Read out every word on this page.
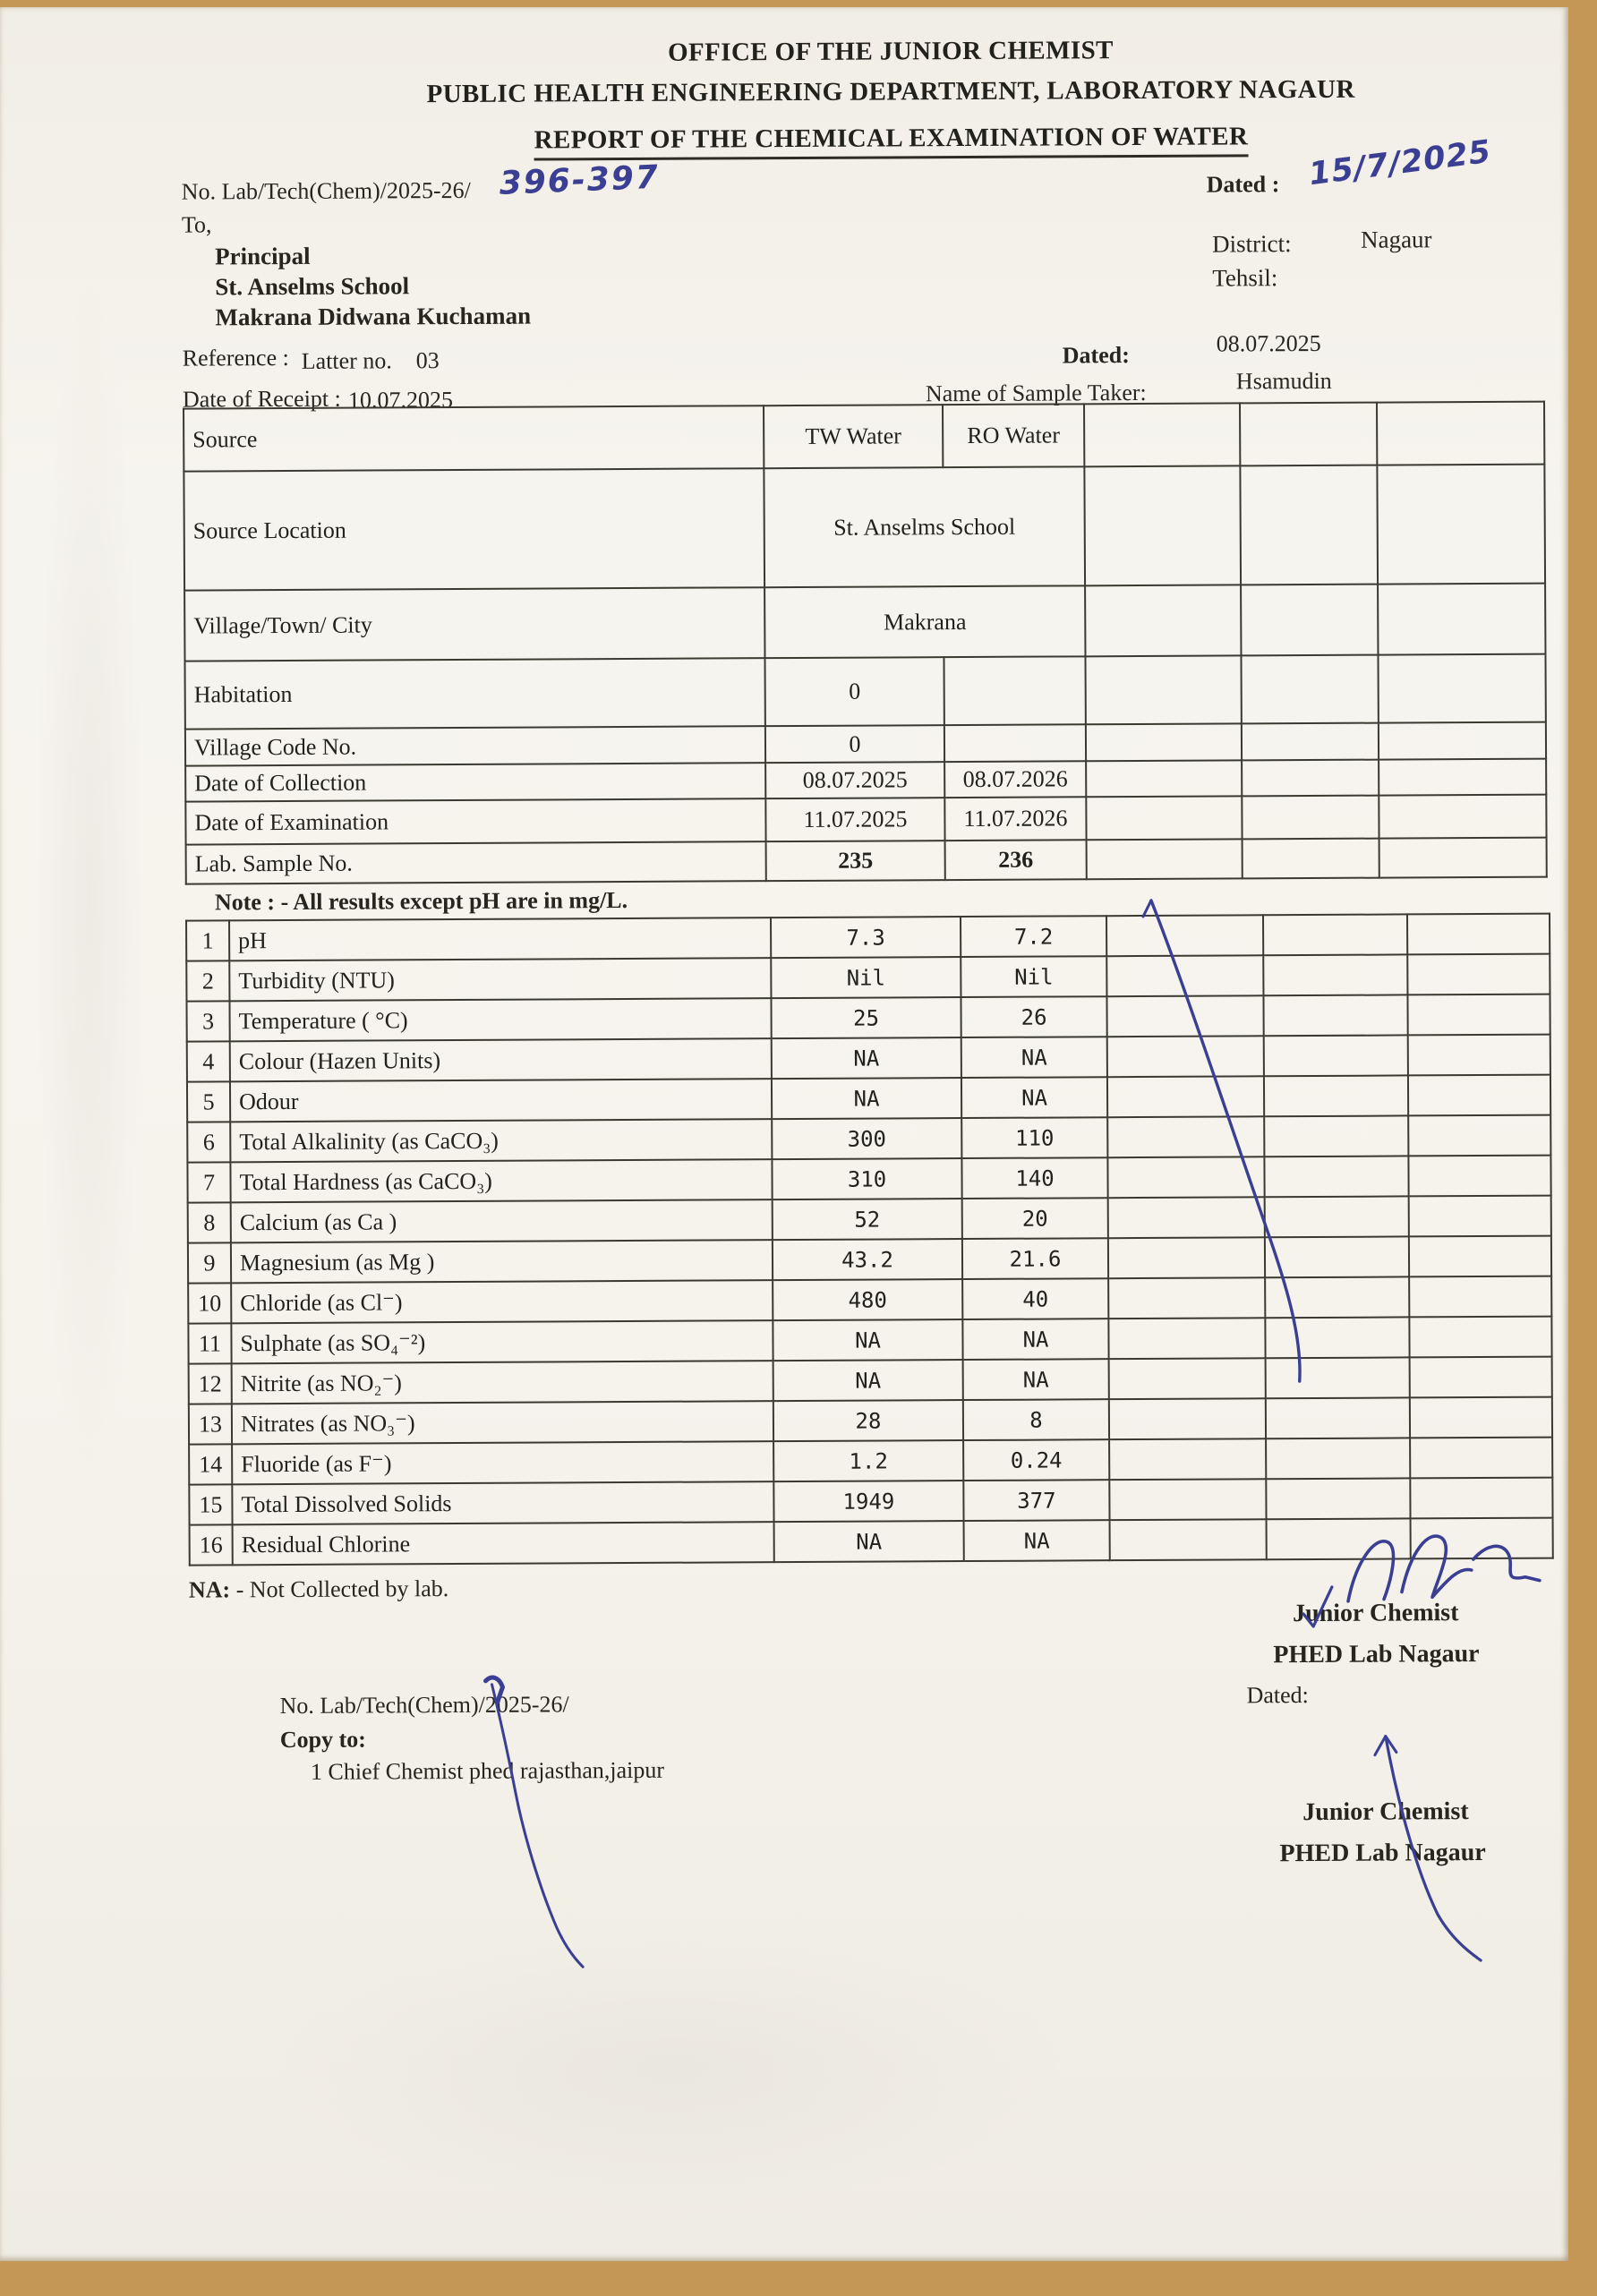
OFFICE OF THE JUNIOR CHEMIST
PUBLIC HEALTH ENGINEERING DEPARTMENT, LABORATORY NAGAUR
REPORT OF THE CHEMICAL EXAMINATION OF WATER
No. Lab/Tech(Chem)/2025-26/ 396-397	Dated : 15/7/2025
To,
Principal
St. Anselms School
Makrana Didwana Kuchaman
District:	Nagaur
Tehsil:
Reference : Latter no. 03	Dated:	08.07.2025
Date of Receipt : 10.07.2025	Name of Sample Taker:	Hsamudin
Source	TW Water	RO Water			
Source Location	St. Anselms School				
Village/Town/ City	Makrana				
Habitation	0				
Village Code No.	0				
Date of Collection	08.07.2025	08.07.2026			
Date of Examination	11.07.2025	11.07.2026			
Lab. Sample No.	235	236			
Note : - All results except pH are in mg/L.
1	pH	7.3	7.2			
2	Turbidity (NTU)	Nil	Nil			
3	Temperature ( °C)	25	26			
4	Colour (Hazen Units)	NA	NA			
5	Odour	NA	NA			
6	Total Alkalinity (as CaCO₃)	300	110			
7	Total Hardness (as CaCO₃)	310	140			
8	Calcium (as Ca )	52	20			
9	Magnesium (as Mg )	43.2	21.6			
10	Chloride (as Cl⁻)	480	40			
11	Sulphate (as SO₄⁻²)	NA	NA			
12	Nitrite (as NO₂⁻)	NA	NA			
13	Nitrates (as NO₃⁻)	28	8			
14	Fluoride (as F⁻)	1.2	0.24			
15	Total Dissolved Solids	1949	377			
16	Residual Chlorine	NA	NA			
NA: - Not Collected by lab.
Junior Chemist
PHED Lab Nagaur
Dated:
No. Lab/Tech(Chem)/2025-26/
Copy to:
1 Chief Chemist phed rajasthan,jaipur
Junior Chemist
PHED Lab Nagaur
